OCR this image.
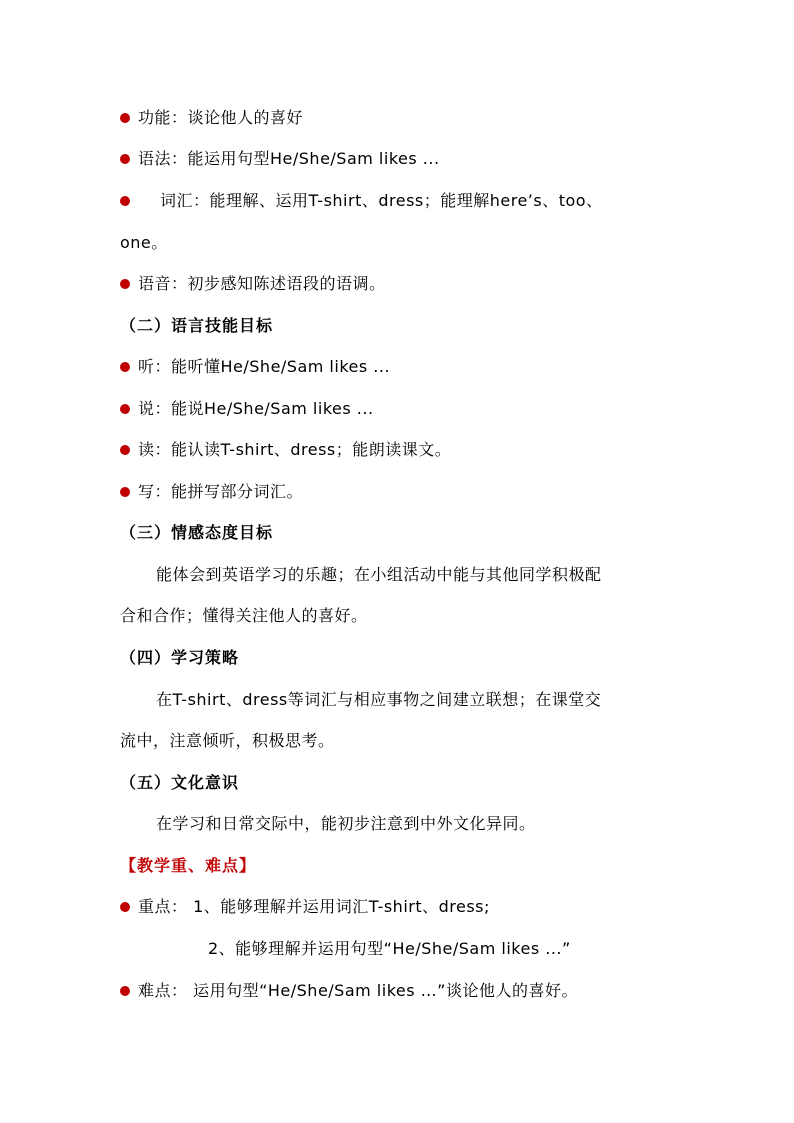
功能：谈论他人的喜好
语法：能运用句型He/She/Sam likes ...
词汇：能理解、运用T-shirt、dress；能理解here’s、too、
one。
语音：初步感知陈述语段的语调。
（二）语言技能目标
听：能听懂He/She/Sam likes ...
说：能说He/She/Sam likes ...
读：能认读T-shirt、dress；能朗读课文。
写：能拼写部分词汇。
（三）情感态度目标
能体会到英语学习的乐趣；在小组活动中能与其他同学积极配
合和合作；懂得关注他人的喜好。
（四）学习策略
在T-shirt、dress等词汇与相应事物之间建立联想；在课堂交
流中，注意倾听，积极思考。
（五）文化意识
在学习和日常交际中，能初步注意到中外文化异同。
【教学重、难点】
重点： 1、能够理解并运用词汇T-shirt、dress;
2、能够理解并运用句型“He/She/Sam likes ...”
难点： 运用句型“He/She/Sam likes …”谈论他人的喜好。
